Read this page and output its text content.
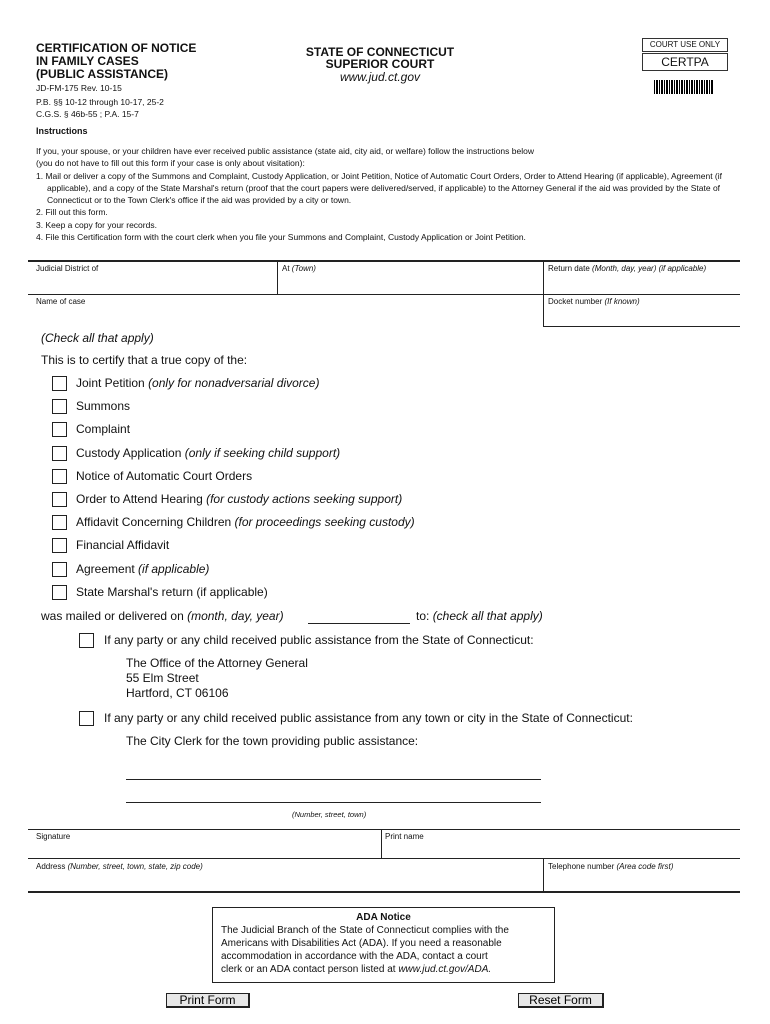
CERTIFICATION OF NOTICE
IN FAMILY CASES
(PUBLIC ASSISTANCE)
JD-FM-175 Rev. 10-15
P.B. §§ 10-12 through 10-17, 25-2
C.G.S. § 46b-55 ; P.A. 15-7
STATE OF CONNECTICUT
SUPERIOR COURT
www.jud.ct.gov
COURT USE ONLY
CERTPA
Instructions

If you, your spouse, or your children have ever received public assistance (state aid, city aid, or welfare) follow the instructions below

(you do not have to fill out this form if your case is only about visitation):

1. Mail or deliver a copy of the Summons and Complaint, Custody Application, or Joint Petition, Notice of Automatic Court Orders, Order to Attend Hearing (if applicable), Agreement (if applicable), and a copy of the State Marshal's return (proof that the court papers were delivered/served, if applicable) to the Attorney General if the aid was provided by the State of Connecticut or to the Town Clerk's office if the aid was provided by a city or town.

2. Fill out this form.

3. Keep a copy for your records.

4. File this Certification form with the court clerk when you file your Summons and Complaint, Custody Application or Joint Petition.

Judicial District of	At (Town)	Return date (Month, day, year) (if applicable)
Name of case	Docket number (If known)
(Check all that apply)
This is to certify that a true copy of the:
Joint Petition (only for nonadversarial divorce)
Summons
Complaint
Custody Application (only if seeking child support)
Notice of Automatic Court Orders
Order to Attend Hearing (for custody actions seeking support)
Affidavit Concerning Children (for proceedings seeking custody)
Financial Affidavit
Agreement (if applicable)
State Marshal's return (if applicable)
was mailed or delivered on (month, day, year)	to: (check all that apply)
If any party or any child received public assistance from the State of Connecticut:
The Office of the Attorney General
55 Elm Street
Hartford, CT 06106
If any party or any child received public assistance from any town or city in the State of Connecticut:
The City Clerk for the town providing public assistance:
(Number, street, town)
Signature	Print name
Address (Number, street, town, state, zip code)	Telephone number (Area code first)
ADA Notice
The Judicial Branch of the State of Connecticut complies with the
Americans with Disabilities Act (ADA). If you need a reasonable
accommodation in accordance with the ADA, contact a court
clerk or an ADA contact person listed at www.jud.ct.gov/ADA.
Print Form	Reset Form
